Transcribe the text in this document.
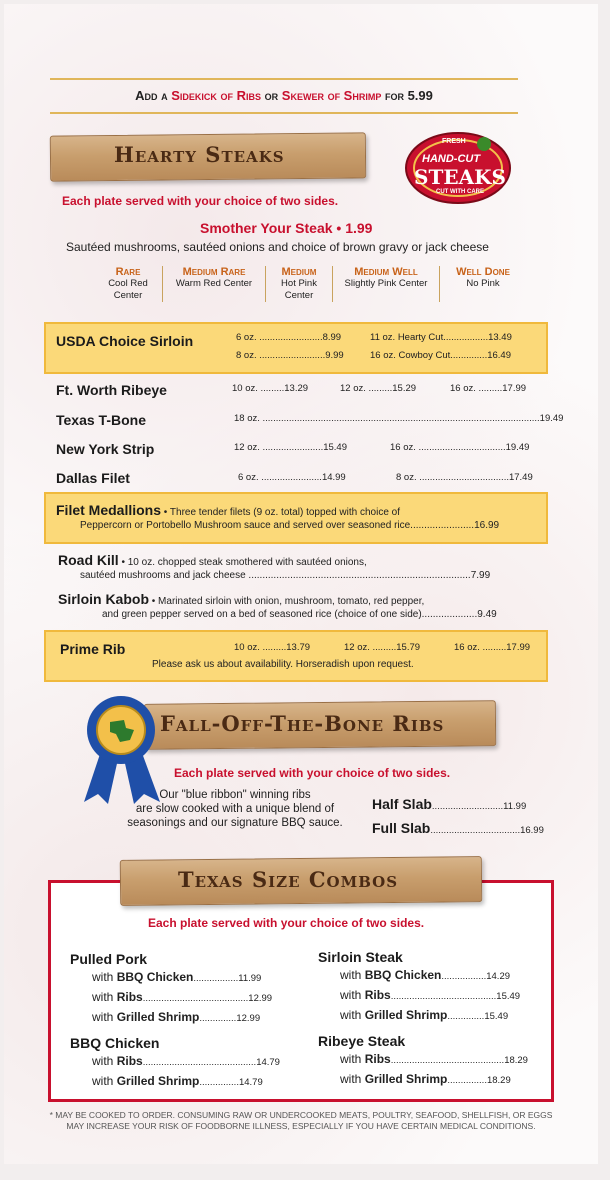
Add a Sidekick of Ribs or Skewer of Shrimp for 5.99
Hearty Steaks
Each plate served with your choice of two sides.
FRESH
HAND-CUT
STEAKS
CUT WITH CARE
Smother Your Steak • 1.99
Sautéed mushrooms, sautéed onions and choice of brown gravy or jack cheese
Rare
Cool Red Center
Medium Rare
Warm Red Center
Medium
Hot Pink Center
Medium Well
Slightly Pink Center
Well Done
No Pink
USDA Choice Sirloin	6 oz. ........................8.99	11 oz. Hearty Cut.................13.49
8 oz. .........................9.99	16 oz. Cowboy Cut..............16.49
Ft. Worth Ribeye	10 oz. .........13.29	12 oz. .........15.29	16 oz. .........17.99
Texas T-Bone	18 oz. .........................................................................................................19.49
New York Strip	12 oz. .......................15.49	16 oz. .................................19.49
Dallas Filet	6 oz. .......................14.99	8 oz. ..................................17.49
Filet Medallions • Three tender filets (9 oz. total) topped with choice of
Peppercorn or Portobello Mushroom sauce and served over seasoned rice.......................16.99
Road Kill • 10 oz. chopped steak smothered with sautéed onions,
sautéed mushrooms and jack cheese ................................................................................7.99
Sirloin Kabob • Marinated sirloin with onion, mushroom, tomato, red pepper,
and green pepper served on a bed of seasoned rice (choice of one side)....................9.49
Prime Rib	10 oz. .........13.79	12 oz. .........15.79	16 oz. .........17.99
Please ask us about availability. Horseradish upon request.
Fall-Off-The-Bone Ribs
Each plate served with your choice of two sides.
Our "blue ribbon" winning ribs
are slow cooked with a unique blend of
seasonings and our signature BBQ sauce.
Half Slab...........................11.99
Full Slab..................................16.99
Texas Size Combos
Each plate served with your choice of two sides.
Pulled Pork
with BBQ Chicken.................11.99
with Ribs........................................12.99
with Grilled Shrimp..............12.99
BBQ Chicken
with Ribs...........................................14.79
with Grilled Shrimp...............14.79
Sirloin Steak
with BBQ Chicken.................14.29
with Ribs........................................15.49
with Grilled Shrimp..............15.49
Ribeye Steak
with Ribs...........................................18.29
with Grilled Shrimp...............18.29
* MAY BE COOKED TO ORDER. CONSUMING RAW OR UNDERCOOKED MEATS, POULTRY, SEAFOOD, SHELLFISH, OR EGGS
MAY INCREASE YOUR RISK OF FOODBORNE ILLNESS, ESPECIALLY IF YOU HAVE CERTAIN MEDICAL CONDITIONS.
